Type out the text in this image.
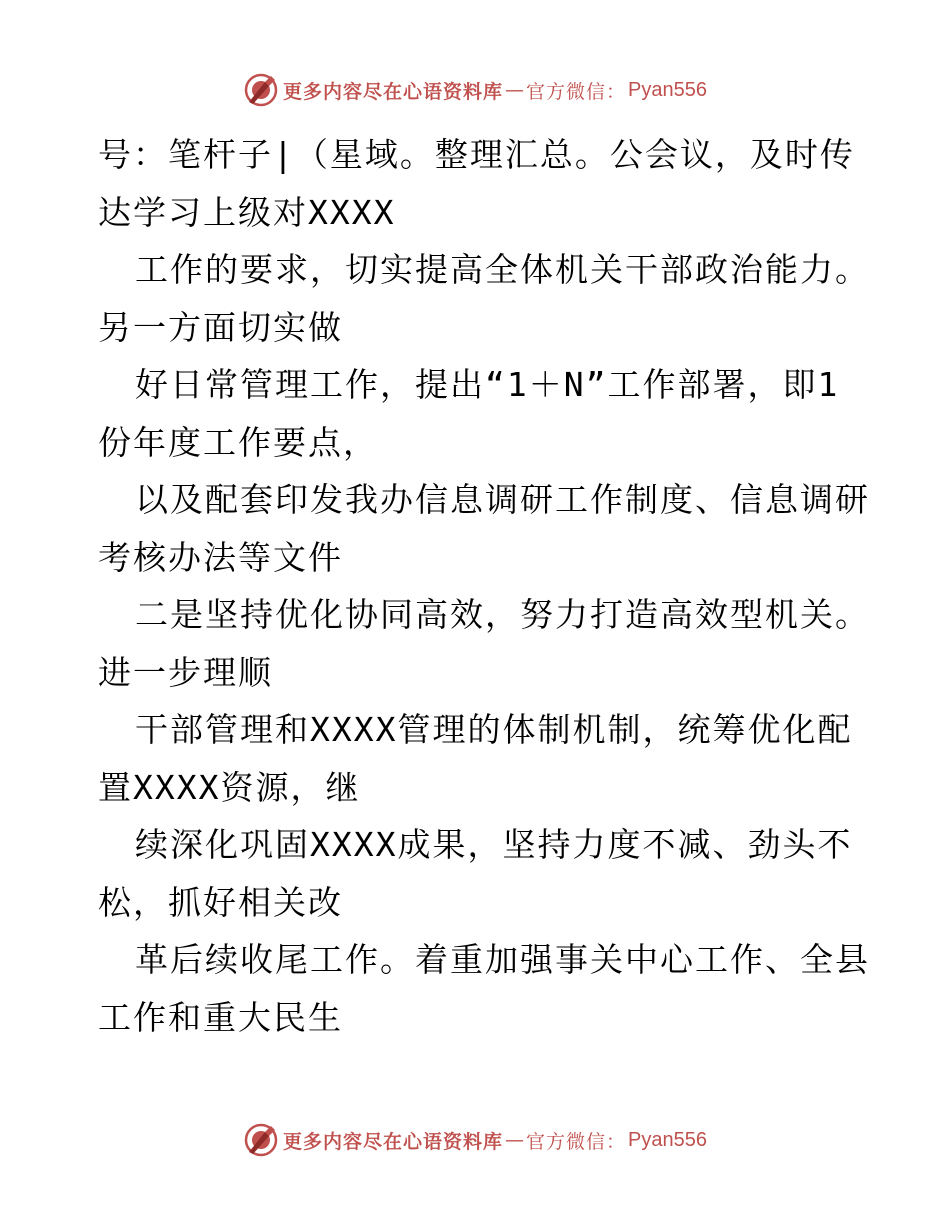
更多内容尽在心语资料库 — 官方微信： Pyan556
号：笔杆子|（星域。整理汇总。公会议，及时传
达学习上级对XXXX
工作的要求，切实提高全体机关干部政治能力。
另一方面切实做
好日常管理工作，提出“1＋N”工作部署，即1
份年度工作要点，
以及配套印发我办信息调研工作制度、信息调研
考核办法等文件
二是坚持优化协同高效，努力打造高效型机关。
进一步理顺
干部管理和XXXX管理的体制机制，统筹优化配
置XXXX资源，继
续深化巩固XXXX成果，坚持力度不减、劲头不
松，抓好相关改
革后续收尾工作。着重加强事关中心工作、全县
工作和重大民生
更多内容尽在心语资料库 — 官方微信： Pyan556
